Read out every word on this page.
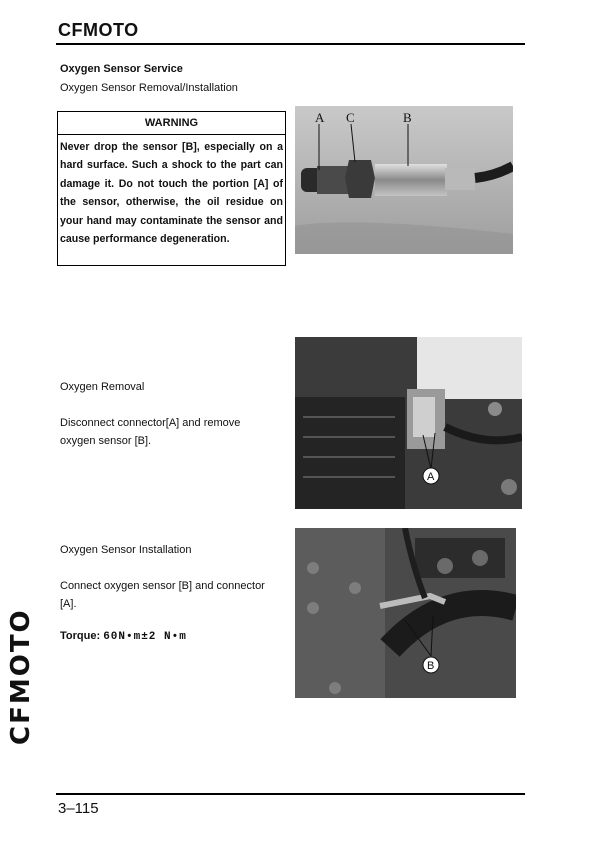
CFMOTO
Oxygen Sensor Service
Oxygen Sensor Removal/Installation
WARNING
Never drop the sensor [B], especially on a hard surface. Such a shock to the part can damage it. Do not touch the portion [A] of the sensor, otherwise, the oil residue on your hand may contaminate the sensor and cause performance degeneration.
A C	B
A
B
Oxygen Removal
Disconnect connector[A] and remove oxygen sensor [B].
Oxygen Sensor Installation
Connect oxygen sensor [B] and connector [A].
Torque: 60N•m±2 N•m
CFMOTO
3–115
